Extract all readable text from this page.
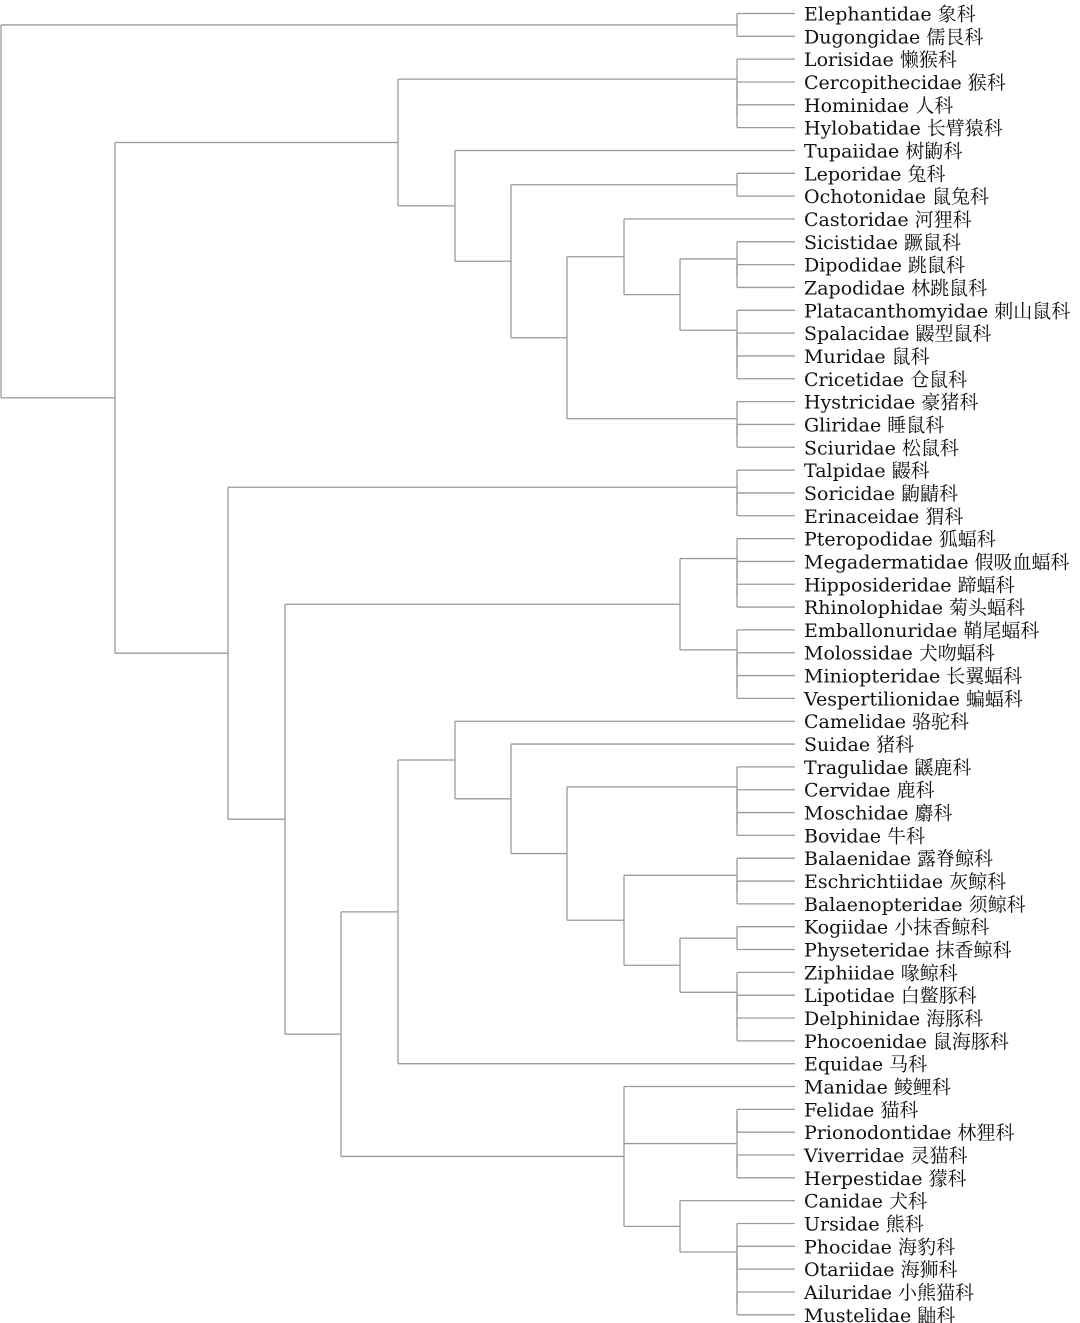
Elephantidae 象科
Dugongidae 儒艮科
Lorisidae 懒猴科
Cercopithecidae 猴科
Hominidae 人科
Hylobatidae 长臂猿科
Tupaiidae 树鼩科
Leporidae 兔科
Ochotonidae 鼠兔科
Castoridae 河狸科
Sicistidae 蹶鼠科
Dipodidae 跳鼠科
Zapodidae 林跳鼠科
Platacanthomyidae 刺山鼠科
Spalacidae 鼹型鼠科
Muridae 鼠科
Cricetidae 仓鼠科
Hystricidae 豪猪科
Gliridae 睡鼠科
Sciuridae 松鼠科
Talpidae 鼹科
Soricidae 鼩鼱科
Erinaceidae 猬科
Pteropodidae 狐蝠科
Megadermatidae 假吸血蝠科
Hipposideridae 蹄蝠科
Rhinolophidae 菊头蝠科
Emballonuridae 鞘尾蝠科
Molossidae 犬吻蝠科
Miniopteridae 长翼蝠科
Vespertilionidae 蝙蝠科
Camelidae 骆驼科
Suidae 猪科
Tragulidae 鼷鹿科
Cervidae 鹿科
Moschidae 麝科
Bovidae 牛科
Balaenidae 露脊鲸科
Eschrichtiidae 灰鲸科
Balaenopteridae 须鲸科
Kogiidae 小抹香鲸科
Physeteridae 抹香鲸科
Ziphiidae 喙鲸科
Lipotidae 白鳖豚科
Delphinidae 海豚科
Phocoenidae 鼠海豚科
Equidae 马科
Manidae 鲮鲤科
Felidae 猫科
Prionodontidae 林狸科
Viverridae 灵猫科
Herpestidae 獴科
Canidae 犬科
Ursidae 熊科
Phocidae 海豹科
Otariidae 海狮科
Ailuridae 小熊猫科
Mustelidae 鼬科
